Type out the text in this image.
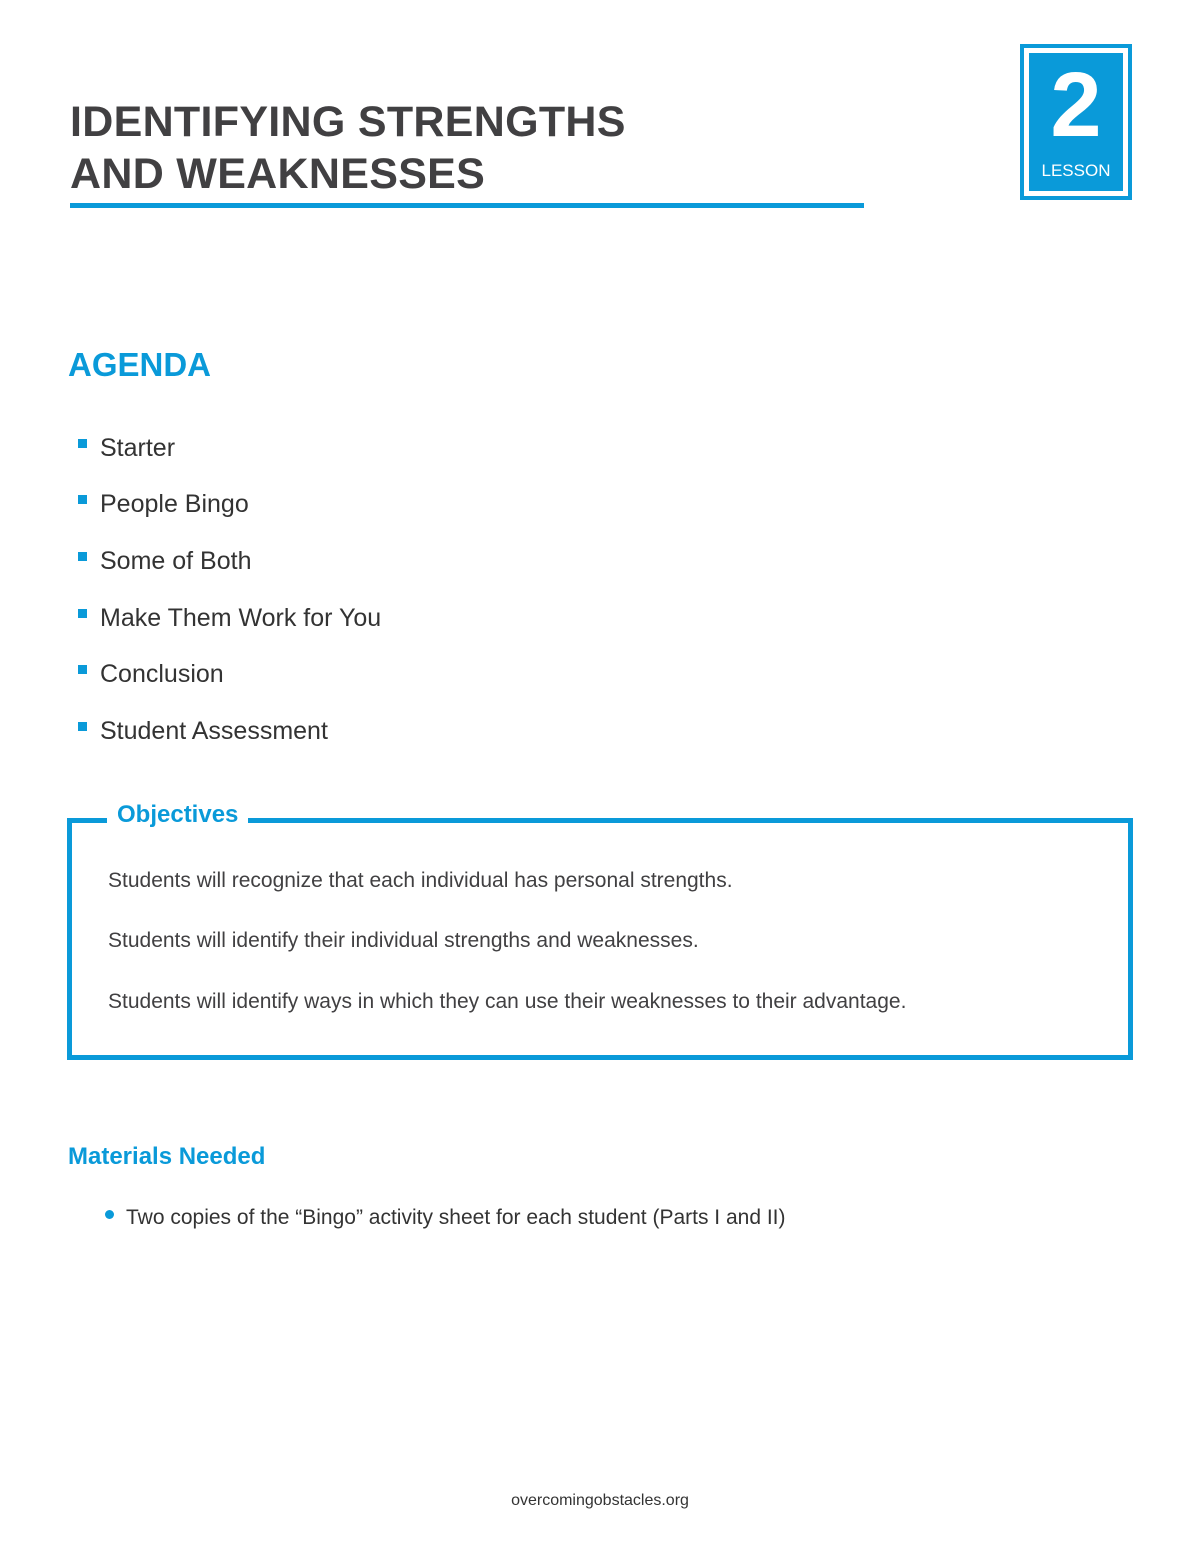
IDENTIFYING STRENGTHS
AND WEAKNESSES
2
LESSON
AGENDA
Starter
People Bingo
Some of Both
Make Them Work for You
Conclusion
Student Assessment
Objectives
Students will recognize that each individual has personal strengths.
Students will identify their individual strengths and weaknesses.
Students will identify ways in which they can use their weaknesses to their advantage.
Materials Needed
Two copies of the “Bingo” activity sheet for each student (Parts I and II)
overcomingobstacles.org
